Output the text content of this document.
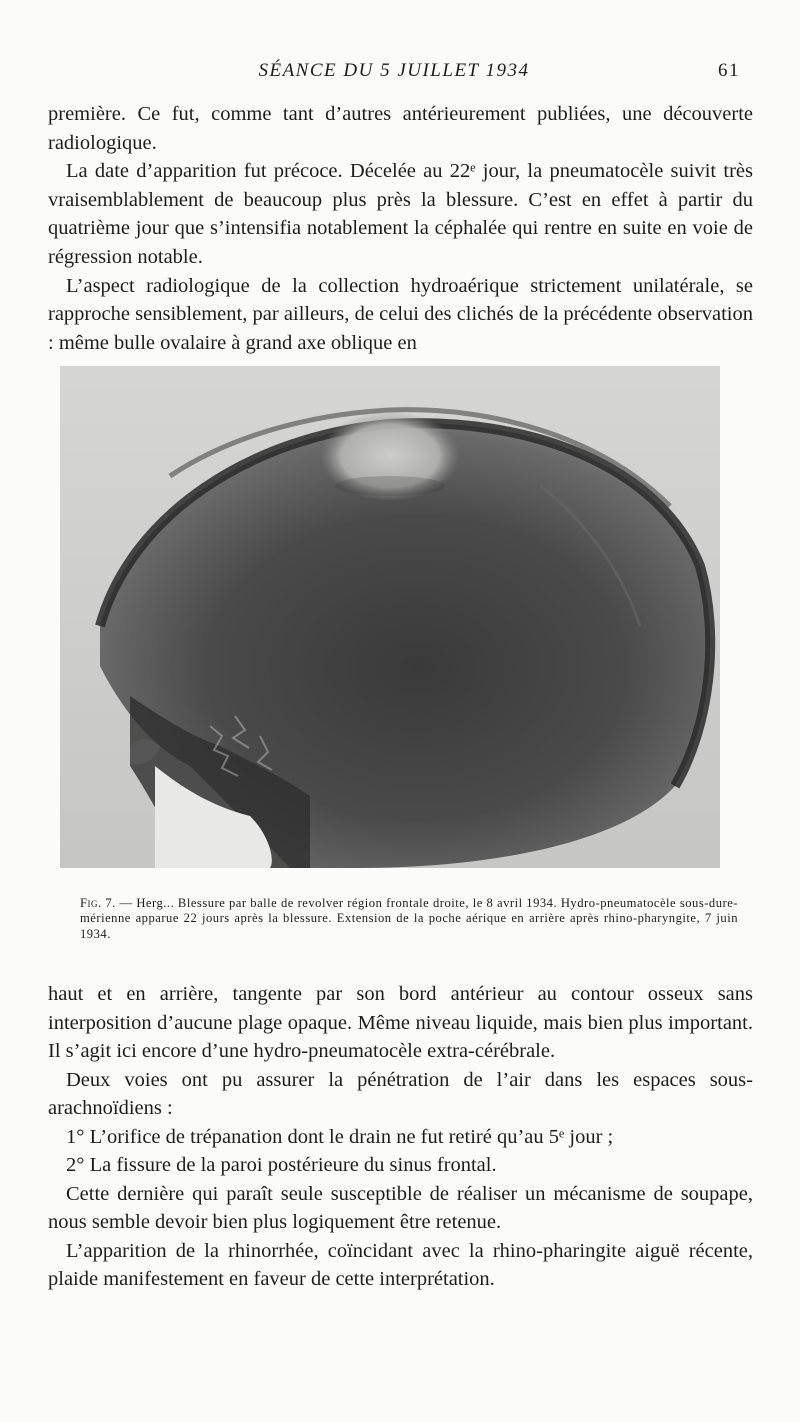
SÉANCE DU 5 JUILLET 1934	61

première. Ce fut, comme tant d’autres antérieurement publiées, une découverte radiologique.

La date d’apparition fut précoce. Décelée au 22ᵉ jour, la pneumatocèle suivit très vraisemblablement de beaucoup plus près la blessure. C’est en effet à partir du quatrième jour que s’intensifia notablement la céphalée qui rentre en suite en voie de régression notable.

L’aspect radiologique de la collection hydroaérique strictement unilatérale, se rapproche sensiblement, par ailleurs, de celui des clichés de la précédente observation : même bulle ovalaire à grand axe oblique en

Fig. 7. — Herg... Blessure par balle de revolver région frontale droite, le 8 avril 1934. Hydro-pneumatocèle sous-dure-mérienne apparue 22 jours après la blessure. Extension de la poche aérique en arrière après rhino-pharyngite, 7 juin 1934.

haut et en arrière, tangente par son bord antérieur au contour osseux sans interposition d’aucune plage opaque. Même niveau liquide, mais bien plus important. Il s’agit ici encore d’une hydro-pneumatocèle extra-cérébrale.

Deux voies ont pu assurer la pénétration de l’air dans les espaces sous-arachnoïdiens :

1° L’orifice de trépanation dont le drain ne fut retiré qu’au 5ᵉ jour ;

2° La fissure de la paroi postérieure du sinus frontal.

Cette dernière qui paraît seule susceptible de réaliser un mécanisme de soupape, nous semble devoir bien plus logiquement être retenue.

L’apparition de la rhinorrhée, coïncidant avec la rhino-pharingite aiguë récente, plaide manifestement en faveur de cette interprétation.
